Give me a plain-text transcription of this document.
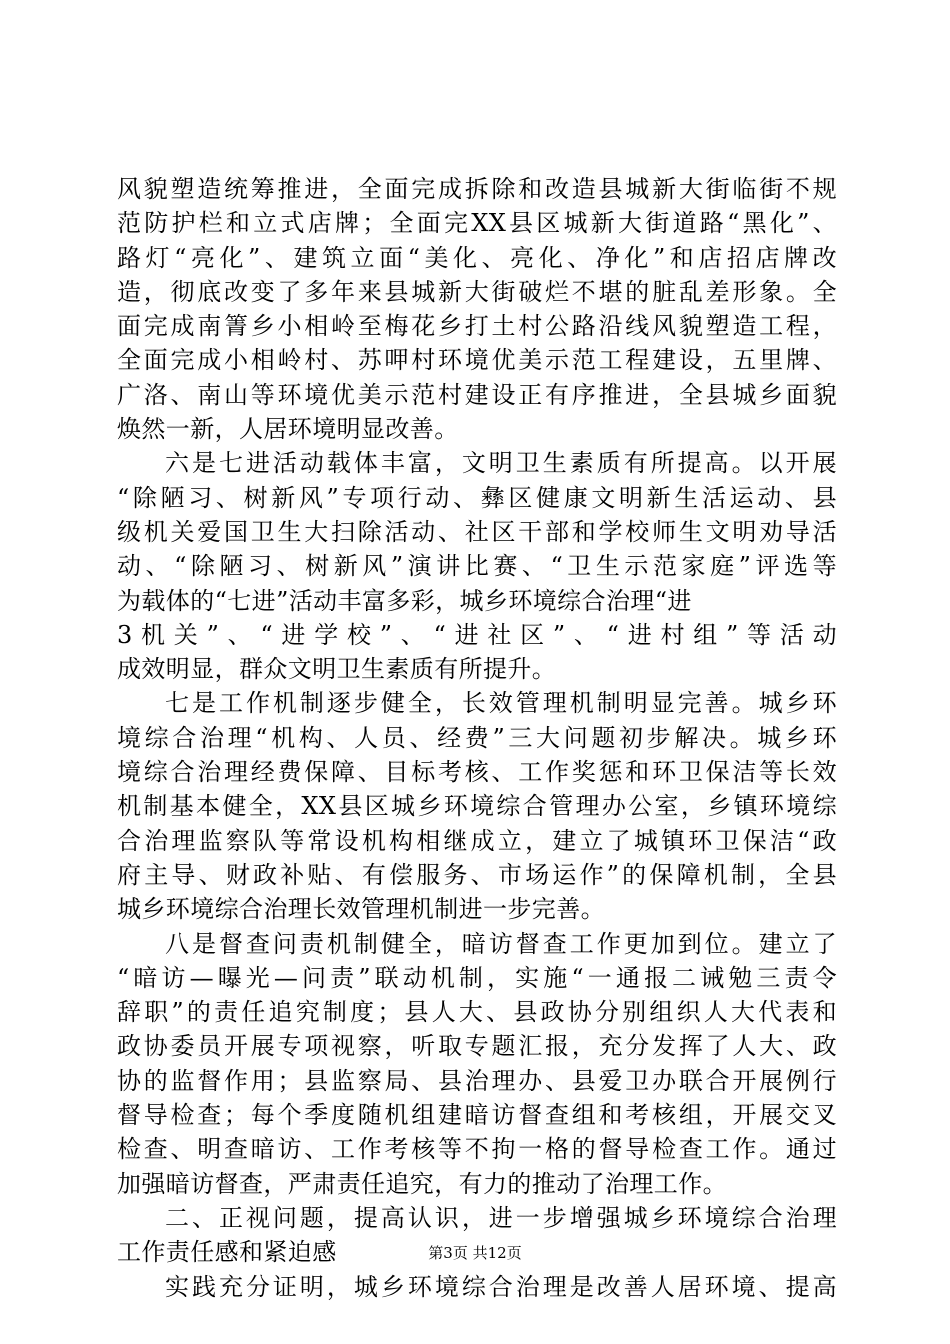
风貌塑造统筹推进，全面完成拆除和改造县城新大街临街不规
范防护栏和立式店牌；全面完XX县区城新大街道路“黑化”、
路灯“亮化”、建筑立面“美化、亮化、净化”和店招店牌改
造，彻底改变了多年来县城新大街破烂不堪的脏乱差形象。全
面完成南箐乡小相岭至梅花乡打土村公路沿线风貌塑造工程，
全面完成小相岭村、苏呷村环境优美示范工程建设，五里牌、
广洛、南山等环境优美示范村建设正有序推进，全县城乡面貌
焕然一新，人居环境明显改善。
六是七进活动载体丰富，文明卫生素质有所提高。以开展
“除陋习、树新风”专项行动、彝区健康文明新生活运动、县
级机关爱国卫生大扫除活动、社区干部和学校师生文明劝导活
动、“除陋习、树新风”演讲比赛、“卫生示范家庭”评选等
为载体的“七进”活动丰富多彩，城乡环境综合治理“进
3机关”、“进学校”、“进社区”、“进村组”等活动
成效明显，群众文明卫生素质有所提升。
七是工作机制逐步健全，长效管理机制明显完善。城乡环
境综合治理“机构、人员、经费”三大问题初步解决。城乡环
境综合治理经费保障、目标考核、工作奖惩和环卫保洁等长效
机制基本健全，XX县区城乡环境综合管理办公室，乡镇环境综
合治理监察队等常设机构相继成立，建立了城镇环卫保洁“政
府主导、财政补贴、有偿服务、市场运作”的保障机制，全县
城乡环境综合治理长效管理机制进一步完善。
八是督查问责机制健全，暗访督查工作更加到位。建立了
“暗访—曝光—问责”联动机制，实施“一通报二诫勉三责令
辞职”的责任追究制度；县人大、县政协分别组织人大代表和
政协委员开展专项视察，听取专题汇报，充分发挥了人大、政
协的监督作用；县监察局、县治理办、县爱卫办联合开展例行
督导检查；每个季度随机组建暗访督查组和考核组，开展交叉
检查、明查暗访、工作考核等不拘一格的督导检查工作。通过
加强暗访督查，严肃责任追究，有力的推动了治理工作。
二、正视问题，提高认识，进一步增强城乡环境综合治理
工作责任感和紧迫感
实践充分证明，城乡环境综合治理是改善人居环境、提高
第3页 共12页
